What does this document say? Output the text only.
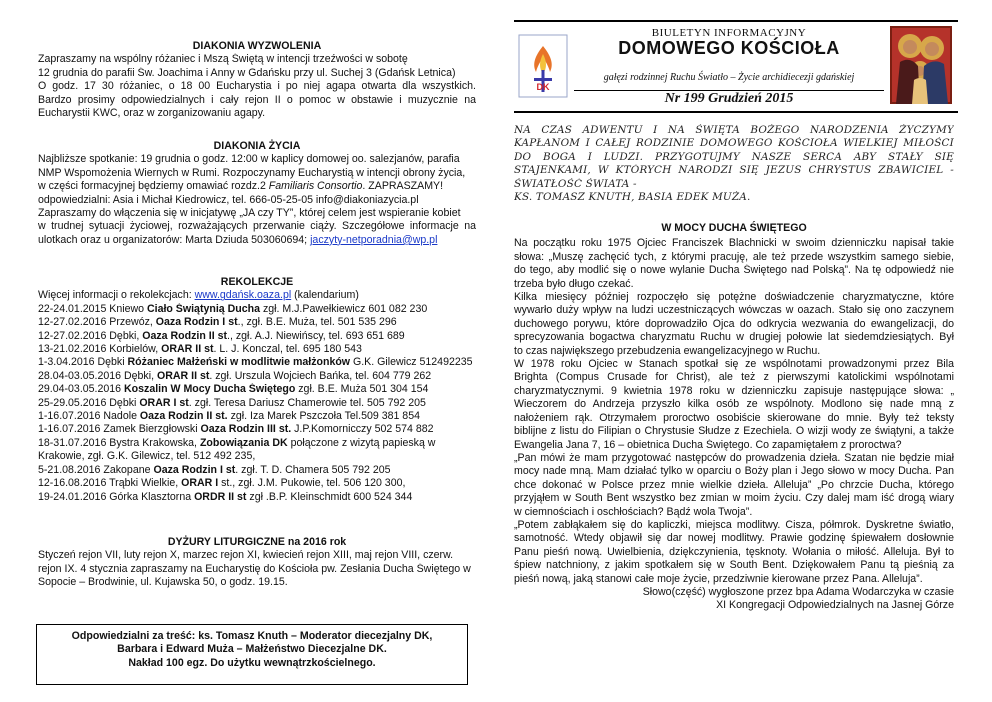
DIAKONIA WYZWOLENIA

Zapraszamy na wspólny różaniec i Mszą Świętą w intencji trzeźwości w sobotę
12 grudnia do parafii Św. Joachima i Anny w Gdańsku przy ul. Suchej 3 (Gdańsk Letnica)
O godz. 17 30 różaniec, o 18 00 Eucharystia i po niej agapa otwarta dla wszystkich.
Bardzo prosimy odpowiedzialnych i cały rejon II o pomoc w obstawie i muzycznie na
Eucharystii KWC, oraz w zorganizowaniu agapy.

DIAKONIA ŻYCIA

Najbliższe spotkanie: 19 grudnia o godz. 12:00 w kaplicy domowej oo. salezjanów, parafia
NMP Wspomożenia Wiernych w Rumi. Rozpoczynamy Eucharystią w intencji obrony życia,
w części formacyjnej będziemy omawiać rozdz.2 Familiaris Consortio. ZAPRASZAMY!
odpowiedzialni: Asia i Michał Kiedrowicz, tel. 666-05-25-05 info@diakoniazycia.pl
Zapraszamy do włączenia się w inicjatywę „JA czy TY”, której celem jest wspieranie kobiet
w trudnej sytuacji życiowej, rozważających przerwanie ciąży. Szczegółowe informacje na
ulotkach oraz u organizatorów: Marta Dziuda 503060694; jaczyty-netporadnia@wp.pl

REKOLEKCJE

Więcej informacji o rekolekcjach: www.gdańsk.oaza.pl (kalendarium)
22-24.01.2015 Kniewo Ciało Świątynią Ducha zgł. M.J.Pawełkiewicz 601 082 230
12-27.02.2016 Przewóz, Oaza Rodzin I st., zgł. B.E. Muża, tel. 501 535 296
12-27.02.2016 Dębki, Oaza Rodzin II st., zgł. A.J. Niewińscy, tel. 693 651 689
13-21.02.2016 Korbielów, ORAR II st. L. J. Konczal, tel. 695 180 543
1-3.04.2016 Dębki Różaniec Małżeński w modlitwie małżonków G.K. Gilewicz 512492235
28.04-03.05.2016 Dębki, ORAR II st. zgł. Urszula Wojciech Bańka, tel. 604 779 262
29.04-03.05.2016 Koszalin W Mocy Ducha Świętego zgł. B.E. Muża 501 304 154
25-29.05.2016 Dębki ORAR I st. zgł. Teresa Dariusz Chamerowie tel. 505 792 205
1-16.07.2016 Nadole Oaza Rodzin II st. zgł. Iza Marek Pszczoła Tel.509 381 854
1-16.07.2016 Zamek Bierzgłowski Oaza Rodzin III st. J.P.Komornicczy 502 574 882
18-31.07.2016 Bystra Krakowska, Zobowiązania DK połączone z wizytą papieską w
Krakowie, zgł. G.K. Gilewicz, tel. 512 492 235,
5-21.08.2016 Zakopane Oaza Rodzin I st. zgł. T. D. Chamera 505 792 205
12-16.08.2016 Trąbki Wielkie, ORAR I st., zgł. J.M. Pukowie, tel. 506 120 300,
19-24.01.2016 Górka Klasztorna ORDR II st zgł .B.P. Kleinschmidt 600 524 344

DYŻURY LITURGICZNE na 2016 rok

Styczeń rejon VII, luty rejon X, marzec rejon XI, kwiecień rejon XIII, maj rejon VIII, czerw.
rejon IX. 4 stycznia zapraszamy na Eucharystię do Kościoła pw. Zesłania Ducha Świętego w
Sopocie – Brodwinie, ul. Kujawska 50, o godz. 19.15.
Odpowiedzialni za treść: ks. Tomasz Knuth – Moderator diecezjalny DK,
Barbara i Edward Muża – Małżeństwo Diecezjalne DK.
Nakład 100 egz. Do użytku wewnątrzkościelnego.
DK
BIULETYN INFORMACYJNY
DOMOWEGO KOŚCIOŁA
gałęzi rodzinnej Ruchu Światło – Życie archidiecezji gdańskiej
Nr 199 Grudzień 2015
NA CZAS ADWENTU I NA ŚWIĘTA BOŻEGO NARODZENIA ŻYCZYMY
KAPŁANOM I CAŁEJ RODZINIE DOMOWEGO KOŚCIOŁA WIELKIEJ MIŁOŚCI
DO BOGA I LUDZI. PRZYGOTUJMY NASZE SERCA ABY STAŁY SIĘ
STAJENKAMI, W KTÓRYCH NARODZI SIĘ JEZUS CHRYSTUS ZBAWICIEL -
ŚWIATŁOŚĆ ŚWIATA -
KS. TOMASZ KNUTH, BASIA EDEK MUŻA.

W MOCY DUCHA ŚWIĘTEGO

Na początku roku 1975 Ojciec Franciszek Blachnicki w swoim dzienniczku napisał takie
słowa: „Muszę zachęcić tych, z którymi pracuję, ale też przede wszystkim samego siebie,
do tego, aby modlić się o nowe wylanie Ducha Świętego nad Polską”. Na tę odpowiedź nie
trzeba było długo czekać.
Kilka miesięcy później rozpoczęło się potężne doświadczenie charyzmatyczne, które
wywarło duży wpływ na ludzi uczestniczących wówczas w oazach. Stało się ono zaczynem
duchowego porywu, które doprowadziło Ojca do odkrycia wezwania do ewangelizacji, do
sprecyzowania bogactwa charyzmatu Ruchu w drugiej połowie lat siedemdziesiątych. Był
to czas największego przebudzenia ewangelizacyjnego w Ruchu.
W 1978 roku Ojciec w Stanach spotkał się ze wspólnotami prowadzonymi przez Bila
Brighta (Compus Crusade for Christ), ale też z pierwszymi katolickimi wspólnotami
charyzmatycznymi. 9 kwietnia 1978 roku w dzienniczku zapisuje następujące słowa: „
Wieczorem do Andrzeja przyszło kilka osób ze wspólnoty. Modlono się nade mną z
nałożeniem rąk. Otrzymałem proroctwo osobiście skierowane do mnie. Były też teksty
biblijne z listu do Filipian o Chrystusie Słudze z Ezechiela. O wizji wody ze świątyni, a także
Ewangelia Jana 7, 16 – obietnica Ducha Świętego. Co zapamiętałem z proroctwa?
„Pan mówi że mam przygotować następców do prowadzenia dzieła. Szatan nie będzie miał
mocy nade mną. Mam działać tylko w oparciu o Boży plan i Jego słowo w mocy Ducha. Pan
chce dokonać w Polsce przez mnie wielkie dzieła. Alleluja” „Po chrzcie Ducha, którego
przyjąłem w South Bent wszystko bez zmian w moim życiu. Czy dalej mam iść drogą wiary
w ciemnościach i oschłościach? Bądź wola Twoja”.
„Potem zabłąkałem się do kapliczki, miejsca modlitwy. Cisza, półmrok. Dyskretne światło,
samotność. Wtedy objawił się dar nowej modlitwy. Prawie godzinę śpiewałem dosłownie
Panu pieśń nową. Uwielbienia, dziękczynienia, tęsknoty. Wołania o miłość. Alleluja. Był to
śpiew natchniony, z jakim spotkałem się w South Bent. Dziękowałem Panu tą pieśnią za
pieśń nową, jaką stanowi całe moje życie, przedziwnie kierowane przez Pana. Alleluja”.
Słowo(część) wygłoszone przez bpa Adama Wodarczyka w czasie
XI Kongregacji Odpowiedzialnych na Jasnej Górze
